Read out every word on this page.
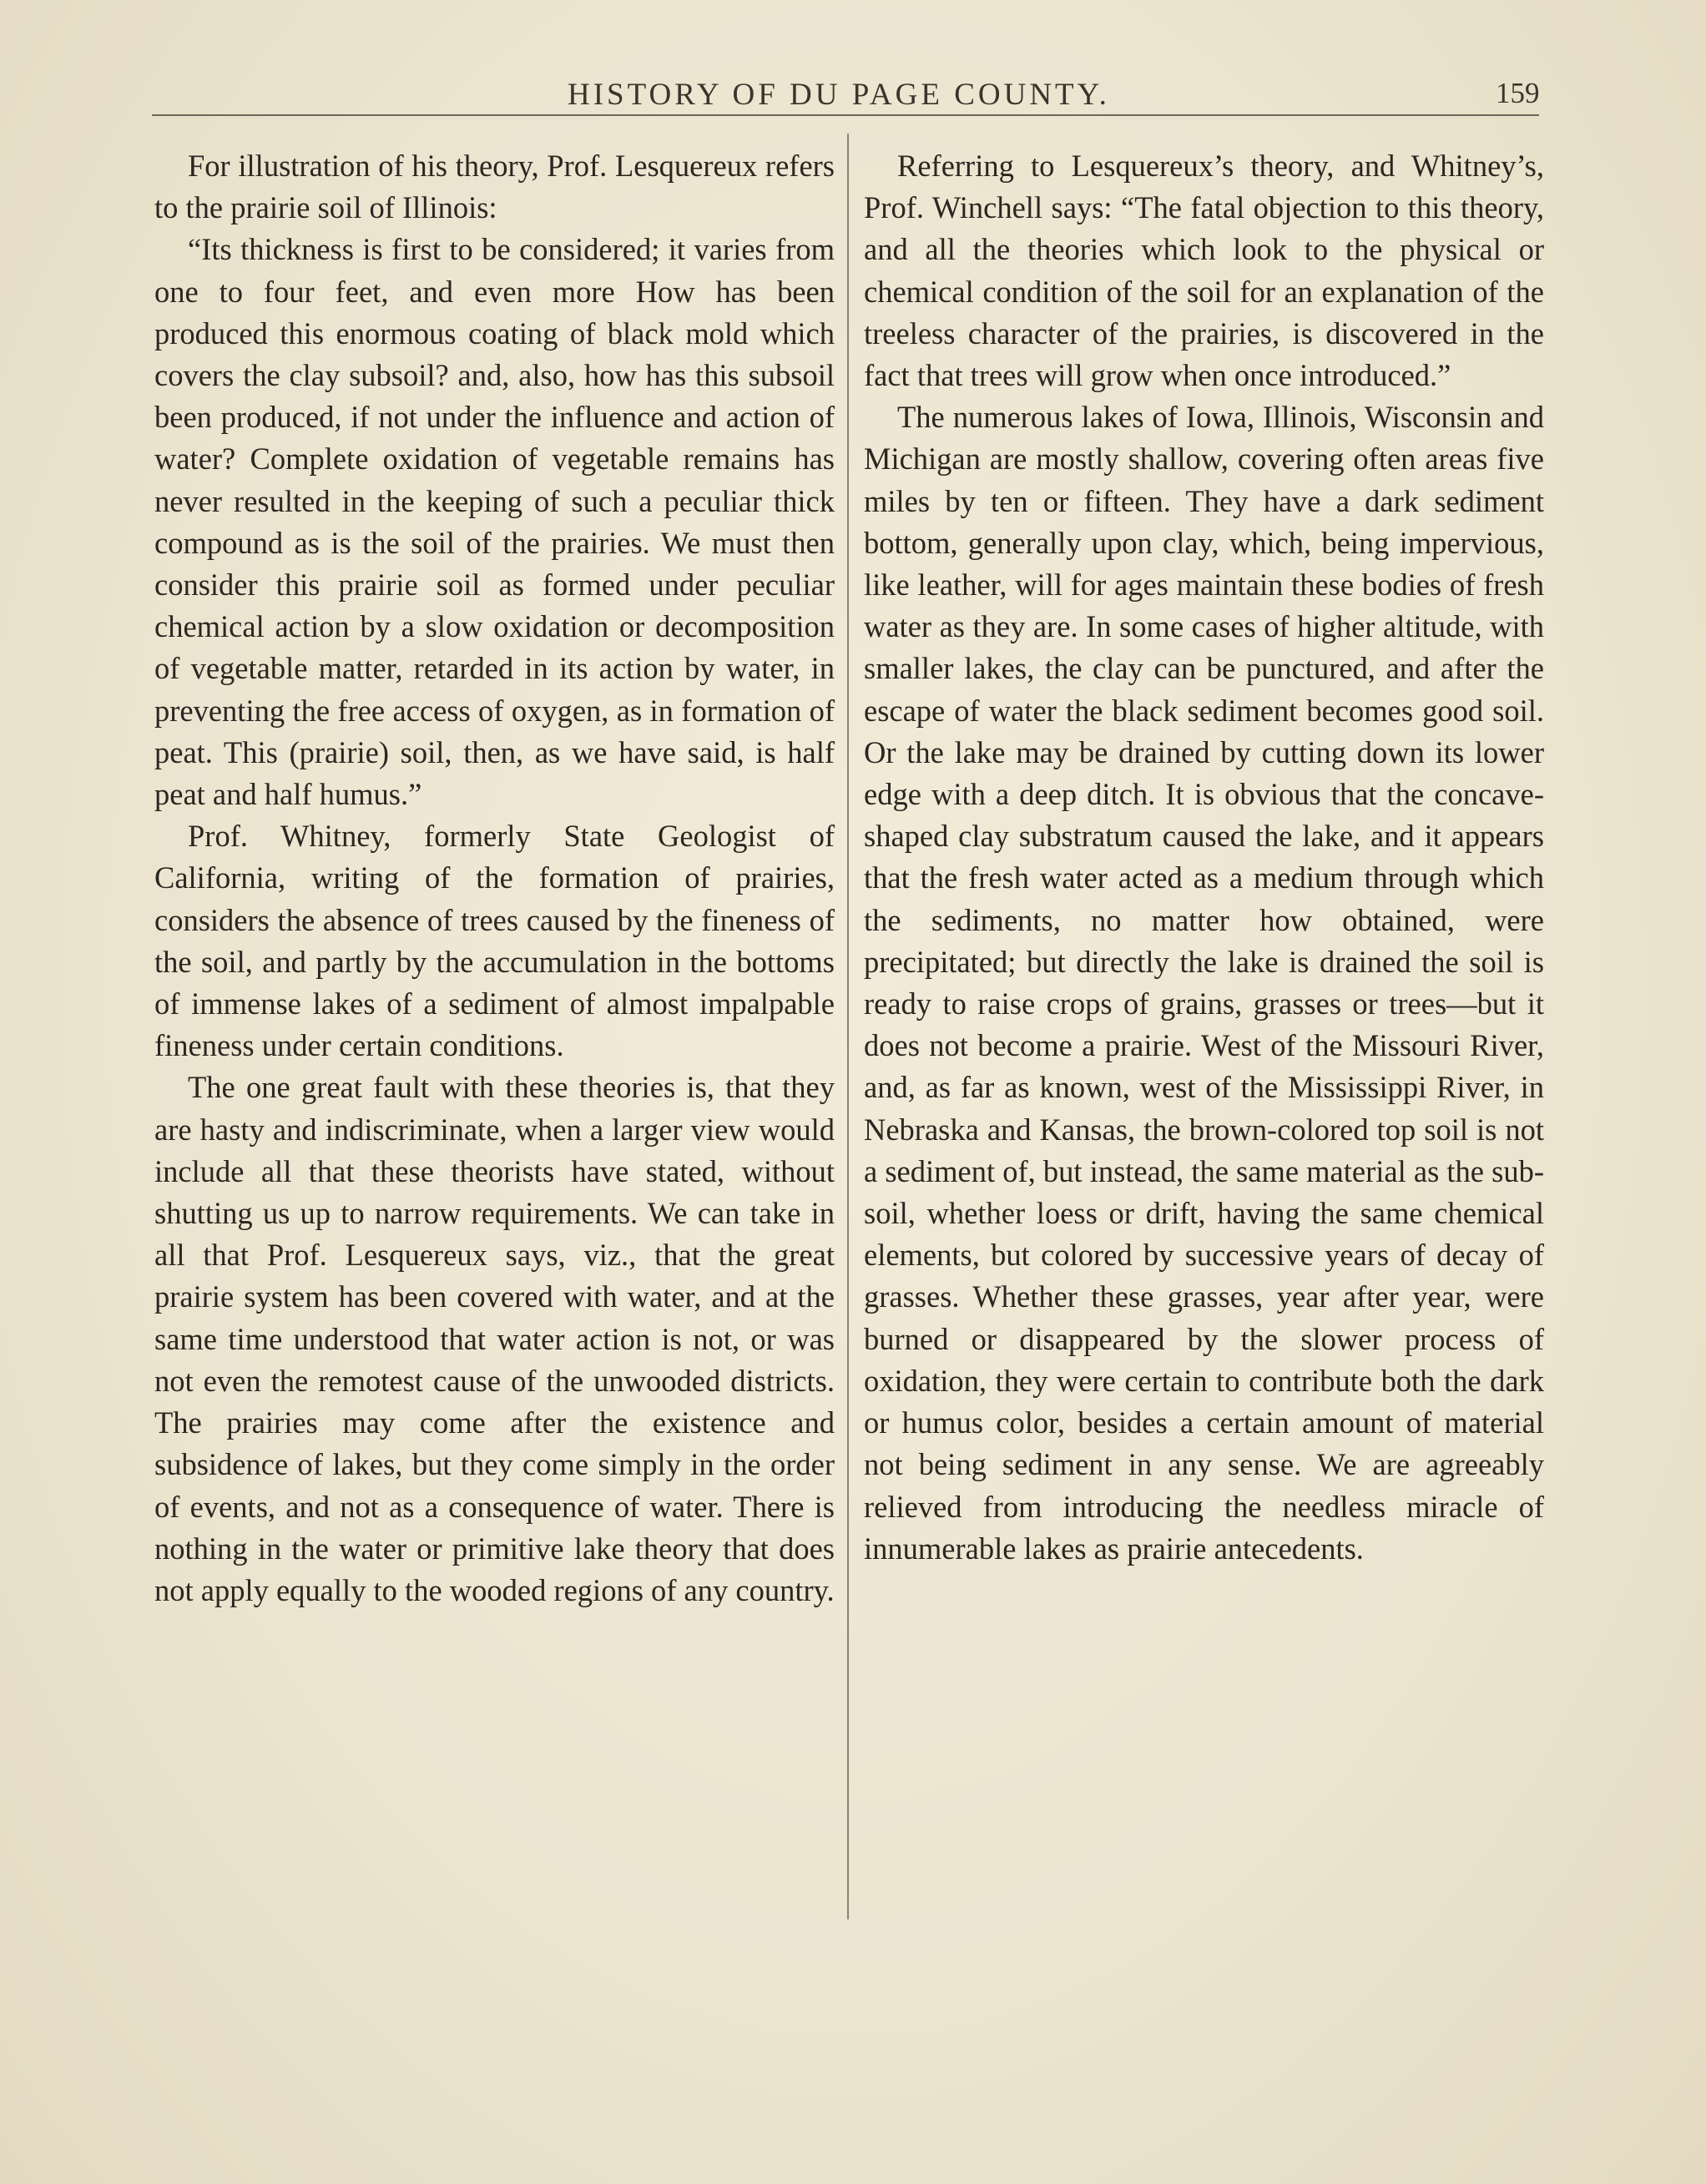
HISTORY OF DU PAGE COUNTY.	159

For illustration of his theory, Prof. Lesquereux refers to the prairie soil of Illinois:

“Its thickness is first to be considered; it varies from one to four feet, and even more How has been produced this enormous coating of black mold which covers the clay subsoil? and, also, how has this subsoil been produced, if not under the influence and action of water? Complete oxidation of vegetable remains has never resulted in the keeping of such a peculiar thick compound as is the soil of the prairies. We must then consider this prairie soil as formed under peculiar chemical action by a slow oxidation or decomposition of vegetable matter, retarded in its action by water, in preventing the free access of oxygen, as in formation of peat. This (prairie) soil, then, as we have said, is half peat and half humus.”

Prof. Whitney, formerly State Geologist of California, writing of the formation of prairies, considers the absence of trees caused by the fineness of the soil, and partly by the accumulation in the bottoms of immense lakes of a sediment of almost impalpable fineness under certain conditions.

The one great fault with these theories is, that they are hasty and indiscriminate, when a larger view would include all that these theorists have stated, without shutting us up to narrow requirements. We can take in all that Prof. Lesquereux says, viz., that the great prairie system has been covered with water, and at the same time understood that water action is not, or was not even the remotest cause of the unwooded districts. The prairies may come after the existence and subsidence of lakes, but they come simply in the order of events, and not as a consequence of water. There is nothing in the water or primitive lake theory that does not apply equally to the wooded regions of any country.

Referring to Lesquereux’s theory, and Whitney’s, Prof. Winchell says: “The fatal objection to this theory, and all the theories which look to the physical or chemical condition of the soil for an explanation of the treeless character of the prairies, is discovered in the fact that trees will grow when once introduced.”

The numerous lakes of Iowa, Illinois, Wisconsin and Michigan are mostly shallow, covering often areas five miles by ten or fifteen. They have a dark sediment bottom, generally upon clay, which, being impervious, like leather, will for ages maintain these bodies of fresh water as they are. In some cases of higher altitude, with smaller lakes, the clay can be punctured, and after the escape of water the black sediment becomes good soil. Or the lake may be drained by cutting down its lower edge with a deep ditch. It is obvious that the concave-shaped clay substratum caused the lake, and it appears that the fresh water acted as a medium through which the sediments, no matter how obtained, were precipitated; but directly the lake is drained the soil is ready to raise crops of grains, grasses or trees—but it does not become a prairie. West of the Missouri River, and, as far as known, west of the Mississippi River, in Nebraska and Kansas, the brown-colored top soil is not a sediment of, but instead, the same material as the sub-soil, whether loess or drift, having the same chemical elements, but colored by successive years of decay of grasses. Whether these grasses, year after year, were burned or disappeared by the slower process of oxidation, they were certain to contribute both the dark or humus color, besides a certain amount of material not being sediment in any sense. We are agreeably relieved from introducing the needless miracle of innumerable lakes as prairie antecedents.
